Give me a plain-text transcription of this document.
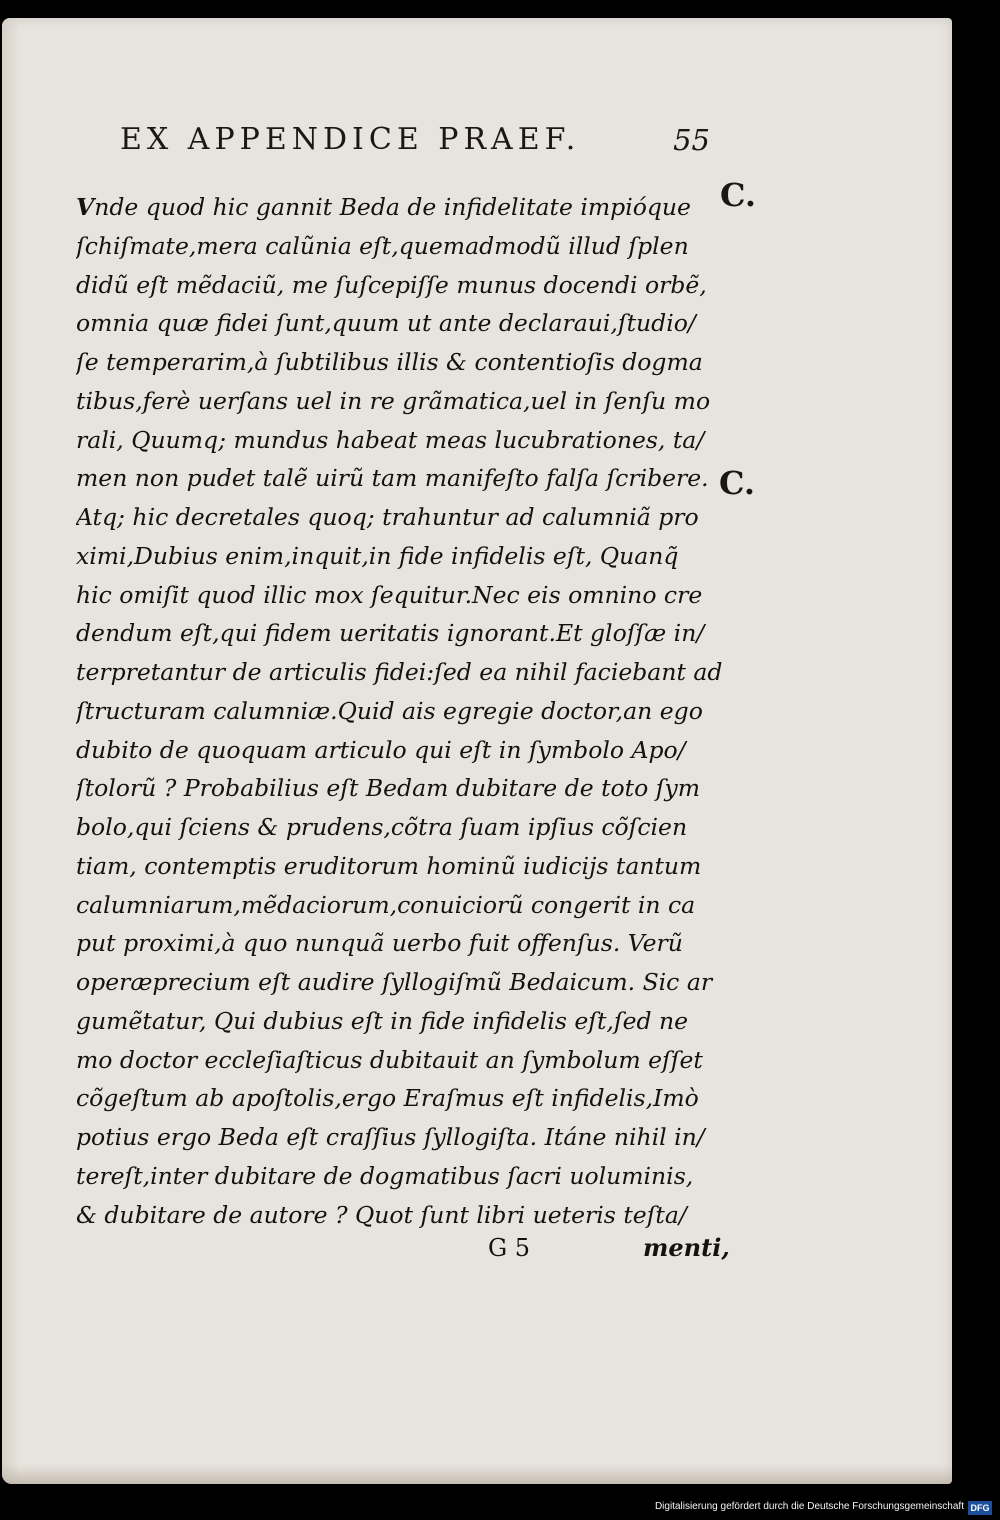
EX APPENDICE PRAEF.	55
C.
C.
Vnde quod hic gannit Beda de infidelitate impióque
ſchiſmate,mera calũnia eſt,quemadmodũ illud ſplen
didũ eſt mẽdaciũ, me ſuſcepiſſe munus docendi orbẽ,
omnia quæ fidei ſunt,quum ut ante declaraui,ſtudio/
ſe temperarim,à ſubtilibus illis & contentioſis dogma
tibus,ferè uerſans uel in re grãmatica,uel in ſenſu mo
rali, Quumq; mundus habeat meas lucubrationes, ta/
men non pudet talẽ uirũ tam manifeſto falſa ſcribere.
Atq; hic decretales quoq; trahuntur ad calumniã pro
ximi,Dubius enim,inquit,in fide infidelis eſt, Quanq̃
hic omiſit quod illic mox ſequitur.Nec eis omnino cre
dendum eſt,qui fidem ueritatis ignorant.Et gloſſæ in/
terpretantur de articulis fidei:ſed ea nihil faciebant ad
ſtructuram calumniæ.Quid ais egregie doctor,an ego
dubito de quoquam articulo qui eſt in ſymbolo Apo/
ſtolorũ ? Probabilius eſt Bedam dubitare de toto ſym
bolo,qui ſciens & prudens,cõtra ſuam ipſius cõſcien
tiam, contemptis eruditorum hominũ iudicijs tantum
calumniarum,mẽdaciorum,conuiciorũ congerit in ca
put proximi,à quo nunquã uerbo fuit offenſus. Verũ
operæprecium eſt audire ſyllogiſmũ Bedaicum. Sic ar
gumẽtatur, Qui dubius eſt in fide infidelis eſt,ſed ne
mo doctor eccleſiaſticus dubitauit an ſymbolum eſſet
cõgeſtum ab apoſtolis,ergo Eraſmus eſt infidelis,Imò
potius ergo Beda eſt craſſius ſyllogiſta. Itáne nihil in/
tereſt,inter dubitare de dogmatibus ſacri uoluminis,
& dubitare de autore ? Quot ſunt libri ueteris teſta/
G 5	menti,
Digitalisierung gefördert durch die Deutsche Forschungsgemeinschaft DFG
